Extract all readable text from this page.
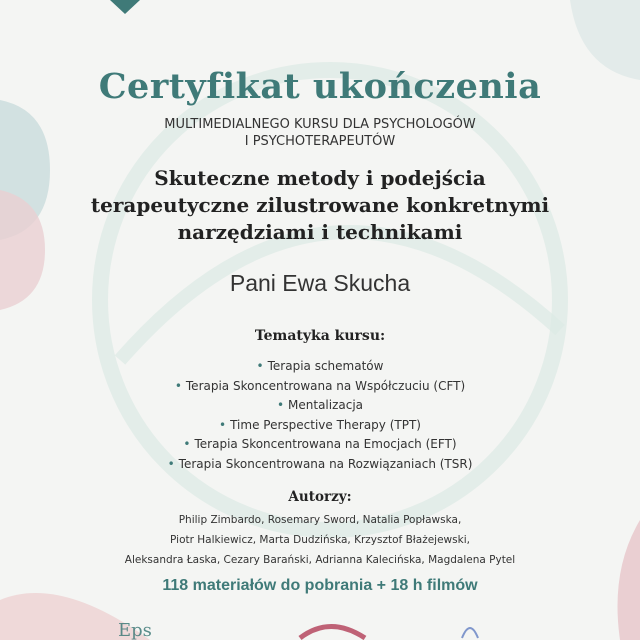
Eps
Certyfikat ukończenia
MULTIMEDIALNEGO KURSU DLA PSYCHOLOGÓW
I PSYCHOTERAPEUTÓW
Skuteczne metody i podejścia
terapeutyczne zilustrowane konkretnymi
narzędziami i technikami
Pani Ewa Skucha
Tematyka kursu:
• Terapia schematów
• Terapia Skoncentrowana na Współczuciu (CFT)
• Mentalizacja
• Time Perspective Therapy (TPT)
• Terapia Skoncentrowana na Emocjach (EFT)
• Terapia Skoncentrowana na Rozwiązaniach (TSR)
Autorzy:
Philip Zimbardo, Rosemary Sword, Natalia Popławska,
Piotr Halkiewicz, Marta Dudzińska, Krzysztof Błażejewski,
Aleksandra Łaska, Cezary Barański, Adrianna Kalecińska, Magdalena Pytel
118 materiałów do pobrania + 18 h filmów
